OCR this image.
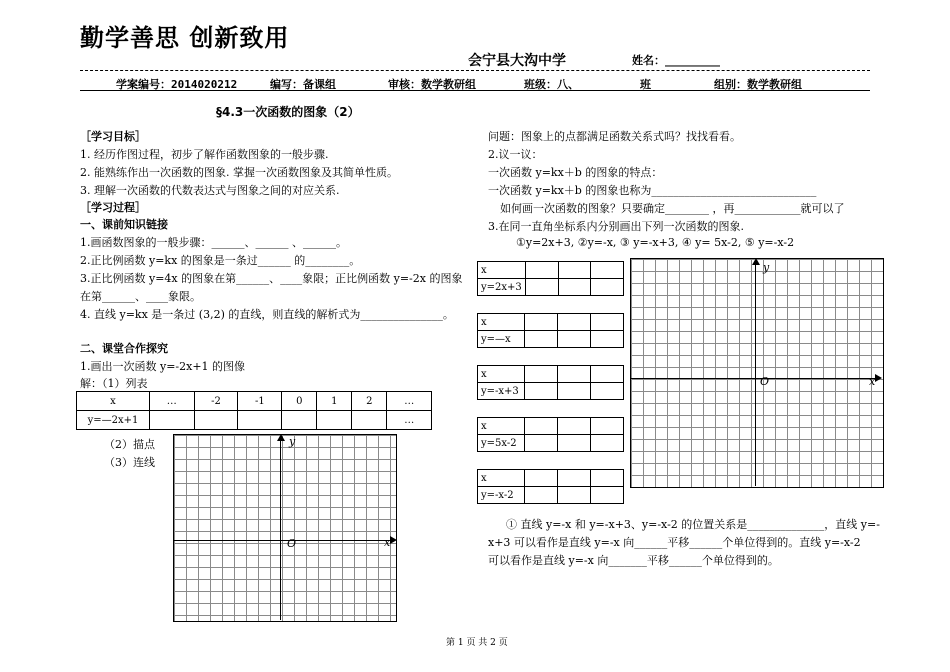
勤学善思 创新致用
会宁县大沟中学	姓名：__________
学案编号：2014020212	编写：备课组	审核：数学教研组	班级：八、	班	组别：数学教研组
§4.3一次函数的图象（2）
［学习目标］
1. 经历作图过程，初步了解作函数图象的一般步骤.
2. 能熟练作出一次函数的图象. 掌握一次函数图象及其简单性质。
3. 理解一次函数的代数表达式与图象之间的对应关系.
［学习过程］
一、课前知识链接
1.画函数图象的一般步骤：______、______ 、______。
2.正比例函数 y=kx 的图象是一条过______ 的________。
3.正比例函数 y=4x 的图象在第______、____象限；正比例函数 y=-2x 的图象
在第______、____象限。
4. 直线 y=kx 是一条过 (3,2) 的直线，则直线的解析式为_______________。
二、课堂合作探究
1.画出一次函数 y=-2x+1 的图像
解：（1）列表
x	…	-2	-1	0	1	2	…
y=—2x+1							…
（2）描点
（3）连线
y
x
O
问题：图象上的点都满足函数关系式吗？找找看看。
2.议一议：
一次函数 y=kx＋b 的图象的特点：
一次函数 y=kx＋b 的图象也称为______________________________
如何画一次函数的图象？只要确定________ ，再____________就可以了
3.在同一直角坐标系内分别画出下列一次函数的图象.
①y=2x+3, ②y=-x, ③ y=-x+3, ④ y= 5x-2, ⑤ y=-x-2
x			
y=2x+3			
x			
y=—x			
x			
y=-x+3			
x			
y=5x-2			
x			
y=-x-2			
y
x
O
① 直线 y=-x 和 y=-x+3、y=-x-2 的位置关系是______________，直线 y=-
x+3 可以看作是直线 y=-x 向______平移______个单位得到的。直线 y=-x-2
可以看作是直线 y=-x 向_______平移______个单位得到的。
第 1 页 共 2 页
